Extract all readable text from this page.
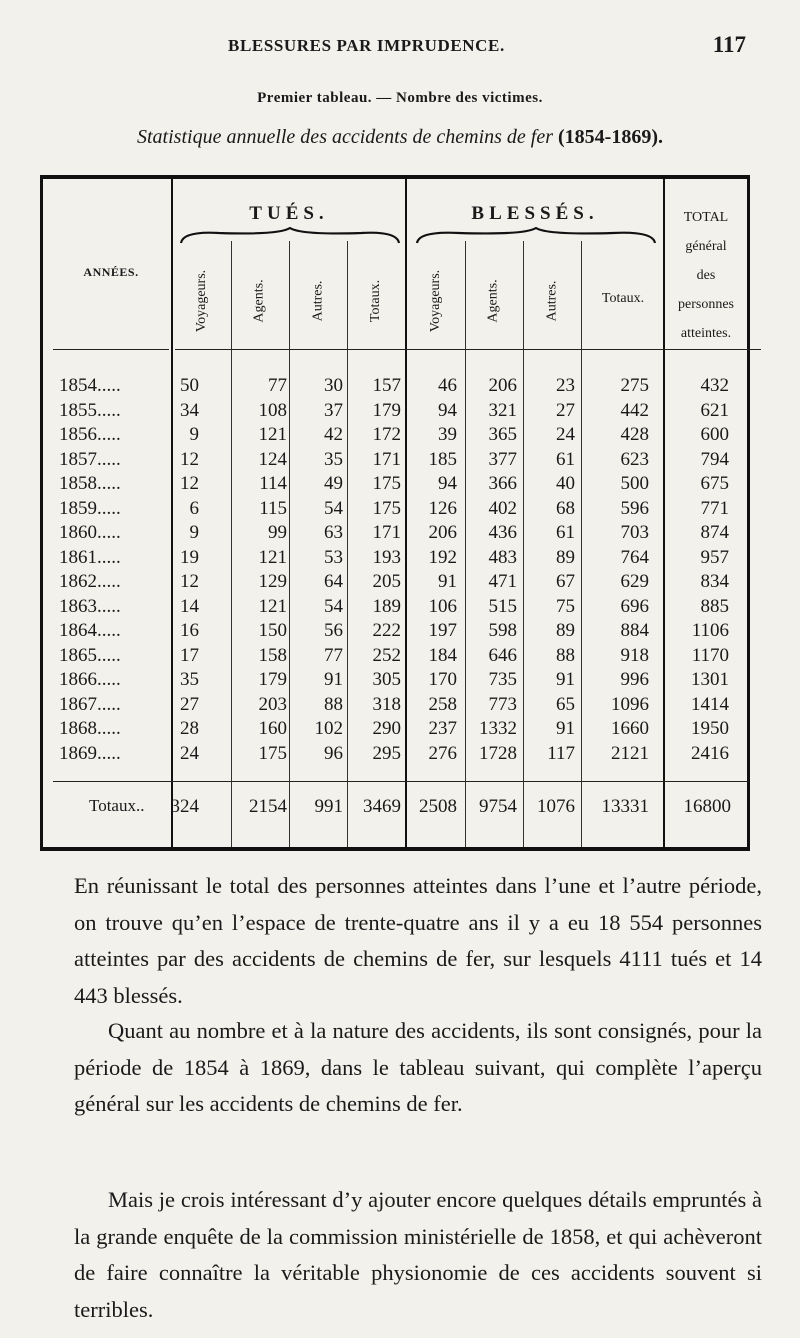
BLESSURES PAR IMPRUDENCE.	117
Premier tableau. — Nombre des victimes.
Statistique annuelle des accidents de chemins de fer (1854-1869).
TUÉS.	BLESSÉS.
ANNÉES.	Voyageurs.	Agents.	Autres.	Totaux.	Voyageurs.	Agents.	Autres.	Totaux.
TOTAL
général
des
personnes
atteintes.
1854.....	50	77 30 157 46 206 23 275	432
1855.....	34	108 37 179 94 321 27 442	621
1856.....	9	121 42 172 39 365 24 428	600
1857.....	12	124 35 171 185 377 61 623	794
1858.....	12	114 49 175 94 366 40 500	675
1859.....	6	115 54 175 126 402 68 596	771
1860.....	9	99 63 171 206 436 61 703	874
1861.....	19	121 53 193 192 483 89 764	957
1862.....	12	129 64 205 91 471 67 629	834
1863.....	14	121 54 189 106 515 75 696	885
1864.....	16	150 56 222 197 598 89 884 1106
1865.....	17	158 77 252 184 646 88 918 1170
1866.....	35	179 91 305 170 735 91 996 1301
1867.....	27	203 88 318 258 773 65 1096 1414
1868.....	28	160 102 290 237 1332 91 1660 1950
1869.....	24	175 96 295 276 1728 117 2121 2416
Totaux.. 324	2154 991 3469 2508 9754 1076 13331 16800
En réunissant le total des personnes atteintes dans l’une et l’autre période, on trouve qu’en l’espace de trente-quatre ans il y a eu 18 554 personnes atteintes par des accidents de chemins de fer, sur lesquels 4111 tués et 14 443 blessés.
Quant au nombre et à la nature des accidents, ils sont consignés, pour la période de 1854 à 1869, dans le tableau suivant, qui complète l’aperçu général sur les accidents de chemins de fer.
Mais je crois intéressant d’y ajouter encore quelques détails empruntés à la grande enquête de la commission ministérielle de 1858, et qui achèveront de faire connaître la véritable physionomie de ces accidents souvent si terribles.
